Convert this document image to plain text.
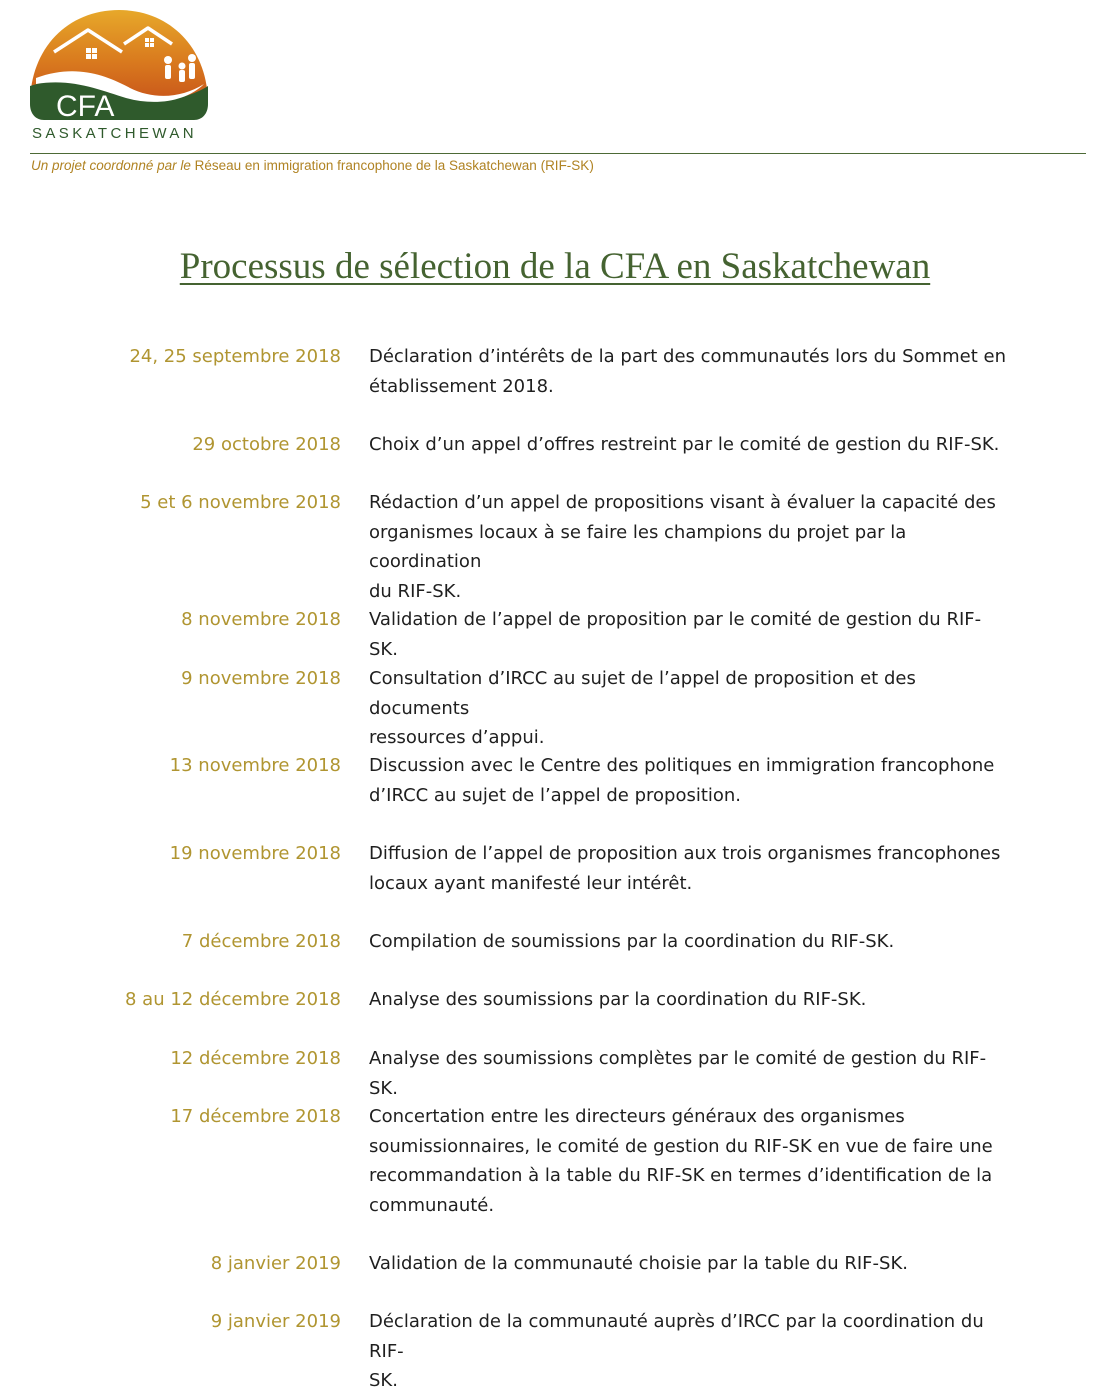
CFA
SASKATCHEWAN
Un projet coordonné par le Réseau en immigration francophone de la Saskatchewan (RIF-SK)
Processus de sélection de la CFA en Saskatchewan
24, 25 septembre 2018 Déclaration d’intérêts de la part des communautés lors du Sommet en
établissement 2018.
29 octobre 2018 Choix d’un appel d’offres restreint par le comité de gestion du RIF-SK.
5 et 6 novembre 2018 Rédaction d’un appel de propositions visant à évaluer la capacité des
organismes locaux à se faire les champions du projet par la coordination
du RIF-SK.
8 novembre 2018 Validation de l’appel de proposition par le comité de gestion du RIF-SK.
9 novembre 2018 Consultation d’IRCC au sujet de l’appel de proposition et des documents
ressources d’appui.
13 novembre 2018 Discussion avec le Centre des politiques en immigration francophone
d’IRCC au sujet de l’appel de proposition.
19 novembre 2018 Diffusion de l’appel de proposition aux trois organismes francophones
locaux ayant manifesté leur intérêt.
7 décembre 2018 Compilation de soumissions par la coordination du RIF-SK.
8 au 12 décembre 2018 Analyse des soumissions par la coordination du RIF-SK.
12 décembre 2018 Analyse des soumissions complètes par le comité de gestion du RIF-SK.
17 décembre 2018 Concertation entre les directeurs généraux des organismes
soumissionnaires, le comité de gestion du RIF-SK en vue de faire une
recommandation à la table du RIF-SK en termes d’identification de la
communauté.
8 janvier 2019 Validation de la communauté choisie par la table du RIF-SK.
9 janvier 2019 Déclaration de la communauté auprès d’IRCC par la coordination du RIF-
SK.
